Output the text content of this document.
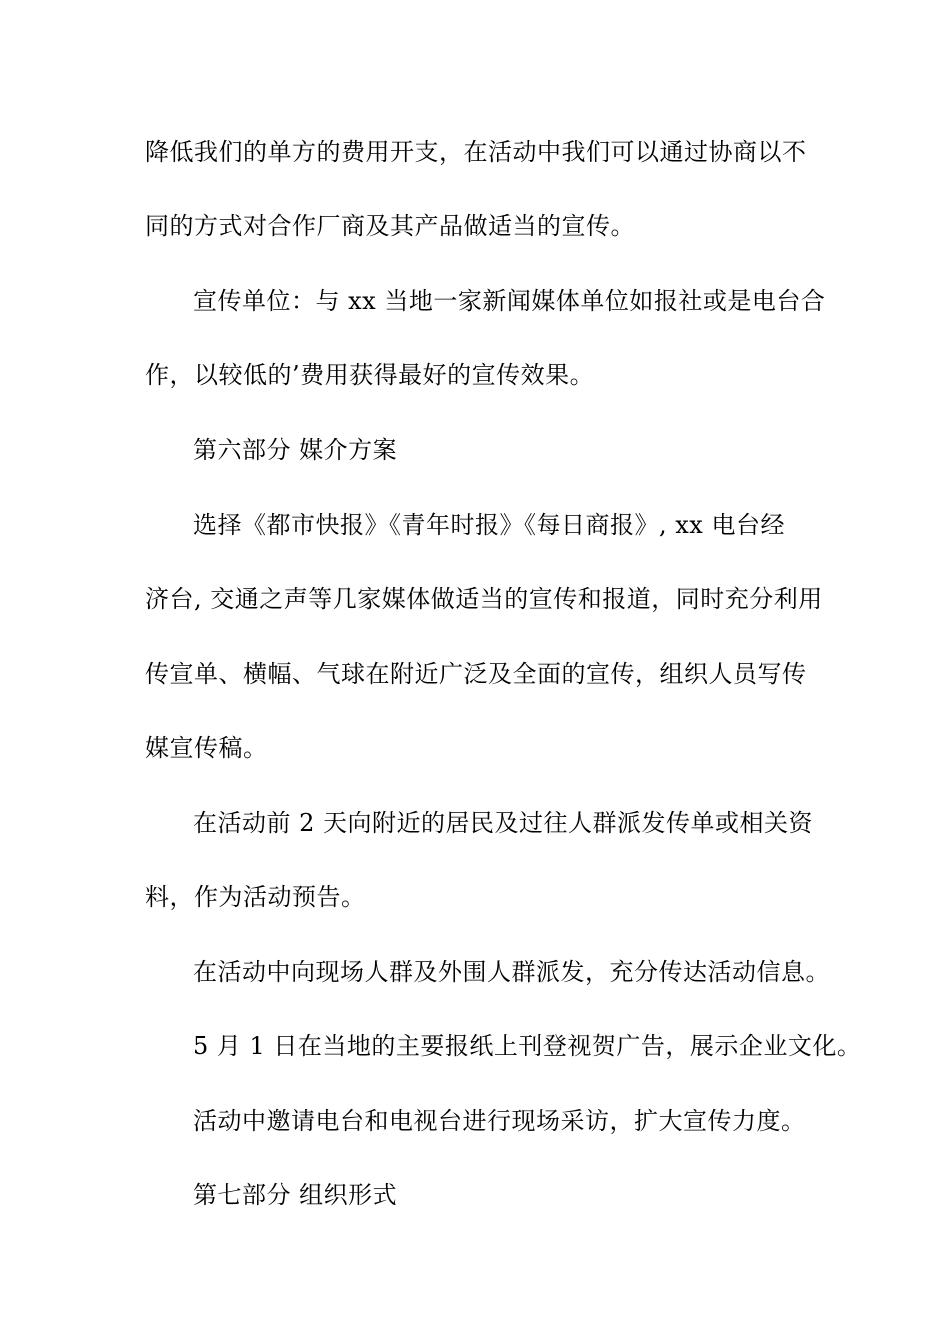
降低我们的单方的费用开支，在活动中我们可以通过协商以不
同的方式对合作厂商及其产品做适当的宣传。
宣传单位：与 xx 当地一家新闻媒体单位如报社或是电台合
作，以较低的’费用获得最好的宣传效果。
第六部分 媒介方案
选择《都市快报》《青年时报》《每日商报》, xx 电台经
济台, 交通之声等几家媒体做适当的宣传和报道，同时充分利用
传宣单、横幅、气球在附近广泛及全面的宣传，组织人员写传
媒宣传稿。
在活动前 2 天向附近的居民及过往人群派发传单或相关资
料，作为活动预告。
在活动中向现场人群及外围人群派发，充分传达活动信息。
5 月 1 日在当地的主要报纸上刊登视贺广告，展示企业文化。
活动中邀请电台和电视台进行现场采访，扩大宣传力度。
第七部分 组织形式
